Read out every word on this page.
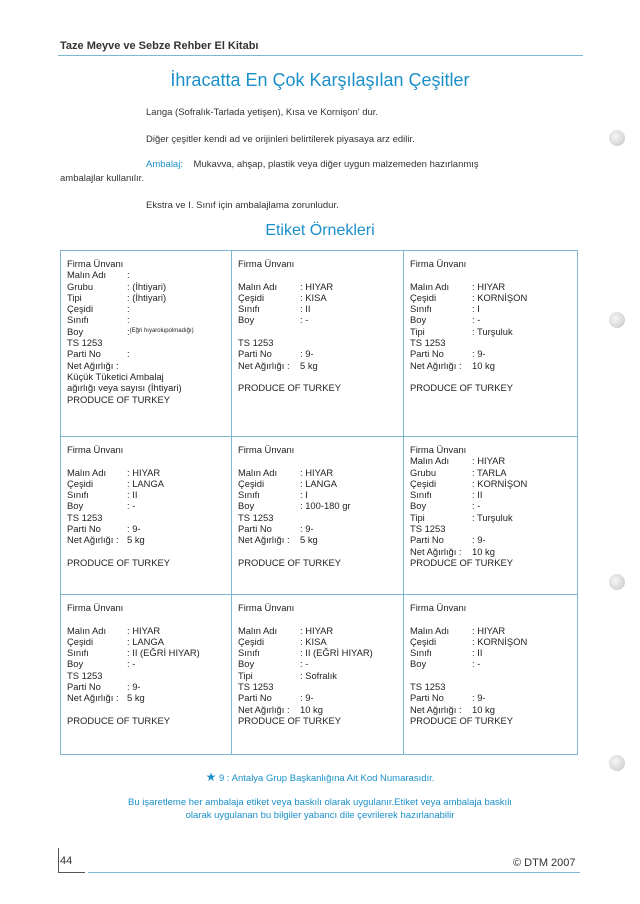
Taze Meyve ve Sebze Rehber El Kitabı
İhracatta En Çok Karşılaşılan Çeşitler
Langa (Sofralık-Tarlada yetişen), Kısa ve Kornişon' dur.
Diğer çeşitler kendi ad ve orijinleri belirtilerek piyasaya arz edilir.
Ambalaj: Mukavva, ahşap, plastik veya diğer uygun malzemeden hazırlanmış
ambalajlar kullanılır.
Ekstra ve I. Sınıf için ambalajlama zorunludur.
Etiket Örnekleri
Firma Ünvanı
Malın Adı	:
Grubu	: (İhtiyari)
Tipi	: (İhtiyari)
Çeşidi	:
Sınıfı	:
Boy	: (Eğri hıyarolupolmadığı)
TS 1253
Parti No	:
Net Ağırlığı :
Küçük Tüketici Ambalaj
ağırlığı veya sayısı (İhtiyari)
PRODUCE OF TURKEY
Firma Ünvanı
Malın Adı	: HIYAR
Çeşidi	: KISA
Sınıfı	: II
Boy	: -
TS 1253
Parti No	: 9-
Net Ağırlığı :	5 kg
PRODUCE OF TURKEY
Firma Ünvanı
Malın Adı	: HIYAR
Çeşidi	: KORNİŞON
Sınıfı	: I
Boy	: -
Tipi	: Turşuluk
TS 1253
Parti No	: 9-
Net Ağırlığı :	10 kg
PRODUCE OF TURKEY
Firma Ünvanı
Malın Adı	: HIYAR
Çeşidi	: LANGA
Sınıfı	: II
Boy	: -
TS 1253
Parti No	: 9-
Net Ağırlığı : 5 kg
PRODUCE OF TURKEY
Firma Ünvanı
Malın Adı	: HIYAR
Çeşidi	: LANGA
Sınıfı	: I
Boy	: 100-180 gr
TS 1253
Parti No	: 9-
Net Ağırlığı :	5 kg
PRODUCE OF TURKEY
Firma Ünvanı
Malın Adı	: HIYAR
Grubu	: TARLA
Çeşidi	: KORNİŞON
Sınıfı	: II
Boy	: -
Tipi	: Turşuluk
TS 1253
Parti No	: 9-
Net Ağırlığı :	10 kg
PRODUCE OF TURKEY
Firma Ünvanı
Malın Adı	: HIYAR
Çeşidi	: LANGA
Sınıfı	: II (EĞRİ HIYAR)
Boy	: -
TS 1253
Parti No	: 9-
Net Ağırlığı : 5 kg
PRODUCE OF TURKEY
Firma Ünvanı
Malın Adı	: HIYAR
Çeşidi	: KISA
Sınıfı	: II (EĞRİ HIYAR)
Boy	: -
Tipi	: Sofralık
TS 1253
Parti No	: 9-
Net Ağırlığı :	10 kg
PRODUCE OF TURKEY
Firma Ünvanı
Malın Adı	: HIYAR
Çeşidi	: KORNİŞON
Sınıfı	: II
Boy	: -
TS 1253
Parti No	: 9-
Net Ağırlığı :	10 kg
PRODUCE OF TURKEY
★ 9 : Antalya Grup Başkanlığına Ait Kod Numarasıdır.
Bu işaretleme her ambalaja etiket veya baskılı olarak uygulanır.Etiket veya ambalaja baskılı
olarak uygulanan bu bilgiler yabancı dile çevrilerek hazırlanabilir
44	© DTM 2007
